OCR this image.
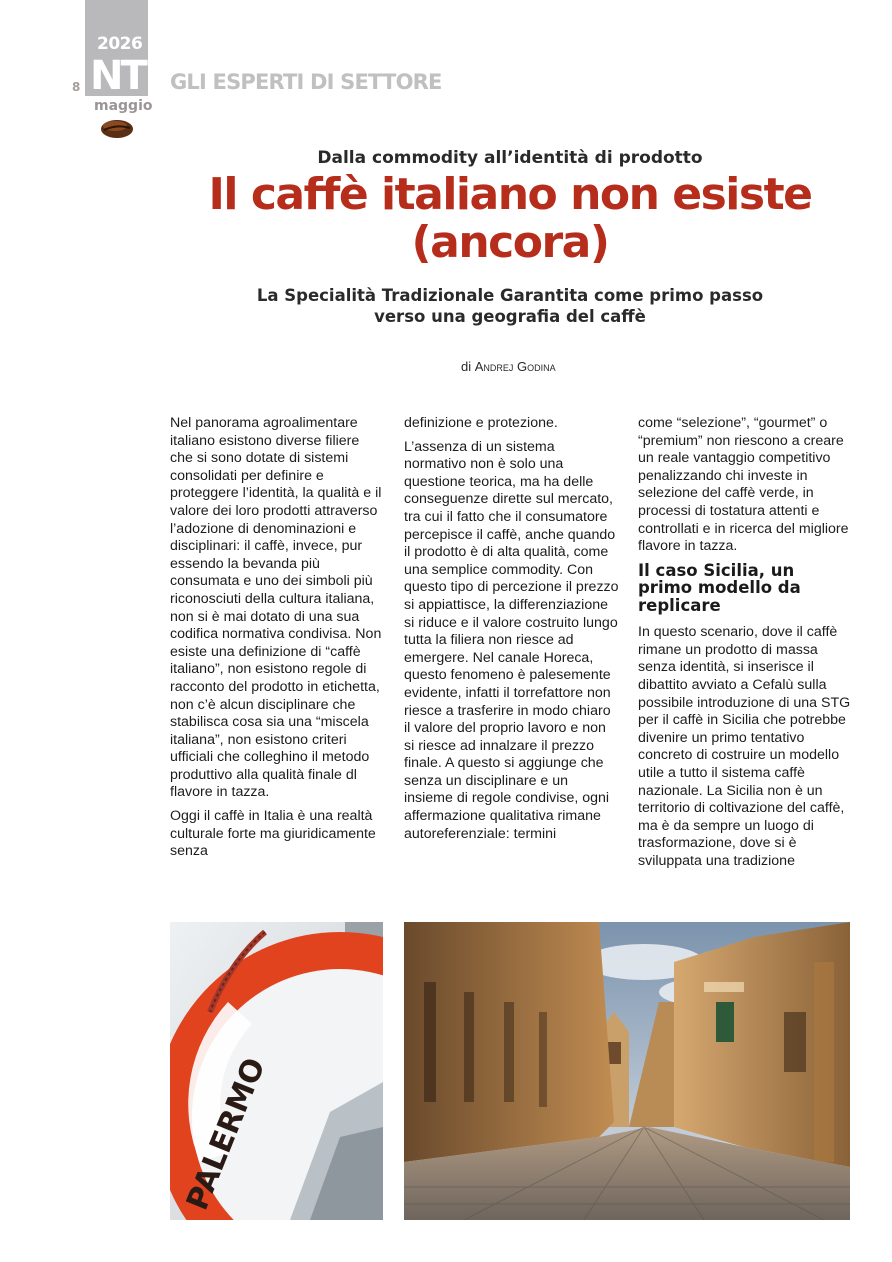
2026
NT
8
maggio
GLI ESPERTI DI SETTORE
Dalla commodity all’identità di prodotto
Il caffè italiano non esiste
(ancora)
La Specialità Tradizionale Garantita come primo passo
verso una geografia del caffè
di Andrej Godina

Nel panorama agroalimentare italiano esistono diverse filiere che si sono dotate di sistemi consolidati per definire e proteggere l’identità, la qualità e il valore dei loro prodotti attraverso l’adozione di denominazioni e disciplinari: il caffè, invece, pur essendo la bevanda più consumata e uno dei simboli più riconosciuti della cultura italiana, non si è mai dotato di una sua codifica normativa condivisa. Non esiste una definizione di “caffè italiano”, non esistono regole di racconto del prodotto in etichetta, non c’è alcun disciplinare che stabilisca cosa sia una “miscela italiana”, non esistono criteri ufficiali che colleghino il metodo produttivo alla qualità finale dl flavore in tazza.

Oggi il caffè in Italia è una realtà culturale forte ma giuridicamente senza

definizione e protezione.

L’assenza di un sistema normativo non è solo una questione teorica, ma ha delle conseguenze dirette sul mercato, tra cui il fatto che il consumatore percepisce il caffè, anche quando il prodotto è di alta qualità, come una semplice commodity. Con questo tipo di percezione il prezzo si appiattisce, la differenziazione si riduce e il valore costruito lungo tutta la filiera non riesce ad emergere. Nel canale Horeca, questo fenomeno è palesemente evidente, infatti il torrefattore non riesce a trasferire in modo chiaro il valore del proprio lavoro e non si riesce ad innalzare il prezzo finale. A questo si aggiunge che senza un disciplinare e un insieme di regole condivise, ogni affermazione qualitativa rimane autoreferenziale: termini

come “selezione”, “gourmet” o “premium” non riescono a creare un reale vantaggio competitivo penalizzando chi investe in selezione del caffè verde, in processi di tostatura attenti e controllati e in ricerca del migliore flavore in tazza.

Il caso Sicilia, un primo modello da replicare

In questo scenario, dove il caffè rimane un prodotto di massa senza identità, si inserisce il dibattito avviato a Cefalù sulla possibile introduzione di una STG per il caffè in Sicilia che potrebbe divenire un primo tentativo concreto di costruire un modello utile a tutto il sistema caffè nazionale. La Sicilia non è un territorio di coltivazione del caffè, ma è da sempre un luogo di trasformazione, dove si è sviluppata una tradizione

PALERMO
